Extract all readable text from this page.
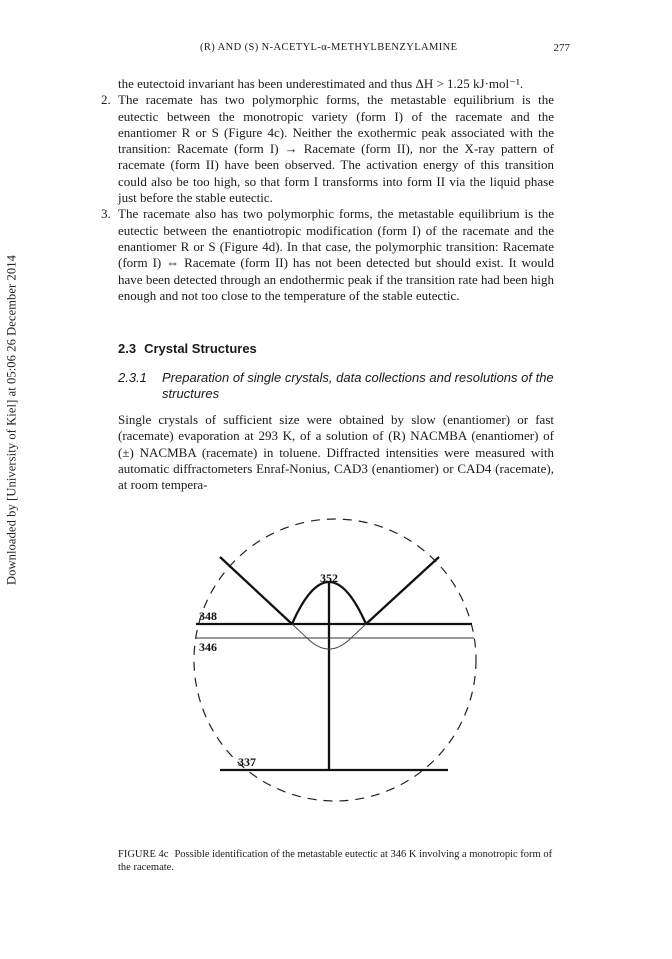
Downloaded by [University of Kiel] at 05:06 26 December 2014
(R) AND (S) N-ACETYL-α-METHYLBENZYLAMINE	277
the eutectoid invariant has been underestimated and thus ΔH > 1.25 kJ·mol⁻¹.
2. The racemate has two polymorphic forms, the metastable equilibrium is the eutectic between the monotropic variety (form I) of the racemate and the enantiomer R or S (Figure 4c). Neither the exothermic peak associated with the transition: Racemate (form I) → Racemate (form II), nor the X-ray pattern of racemate (form II) have been observed. The activation energy of this transition could also be too high, so that form I transforms into form II via the liquid phase just before the stable eutectic.
3. The racemate also has two polymorphic forms, the metastable equilibrium is the eutectic between the enantiotropic modification (form I) of the racemate and the enantiomer R or S (Figure 4d). In that case, the polymorphic transition: Racemate (form I) ⇔ Racemate (form II) has not been detected but should exist. It would have been detected through an endothermic peak if the transition rate had been high enough and not too close to the temperature of the stable eutectic.
2.3 Crystal Structures
2.3.1	Preparation of single crystals, data collections and resolutions of the structures
Single crystals of sufficient size were obtained by slow (enantiomer) or fast (racemate) evaporation at 293 K, of a solution of (R) NACMBA (enantiomer) of (±) NACMBA (racemate) in toluene. Diffracted intensities were measured with automatic diffractometers Enraf-Nonius, CAD3 (enantiomer) or CAD4 (racemate), at room tempera-
352
348
346
337
FIGURE 4c Possible identification of the metastable eutectic at 346 K involving a monotropic form of the racemate.
